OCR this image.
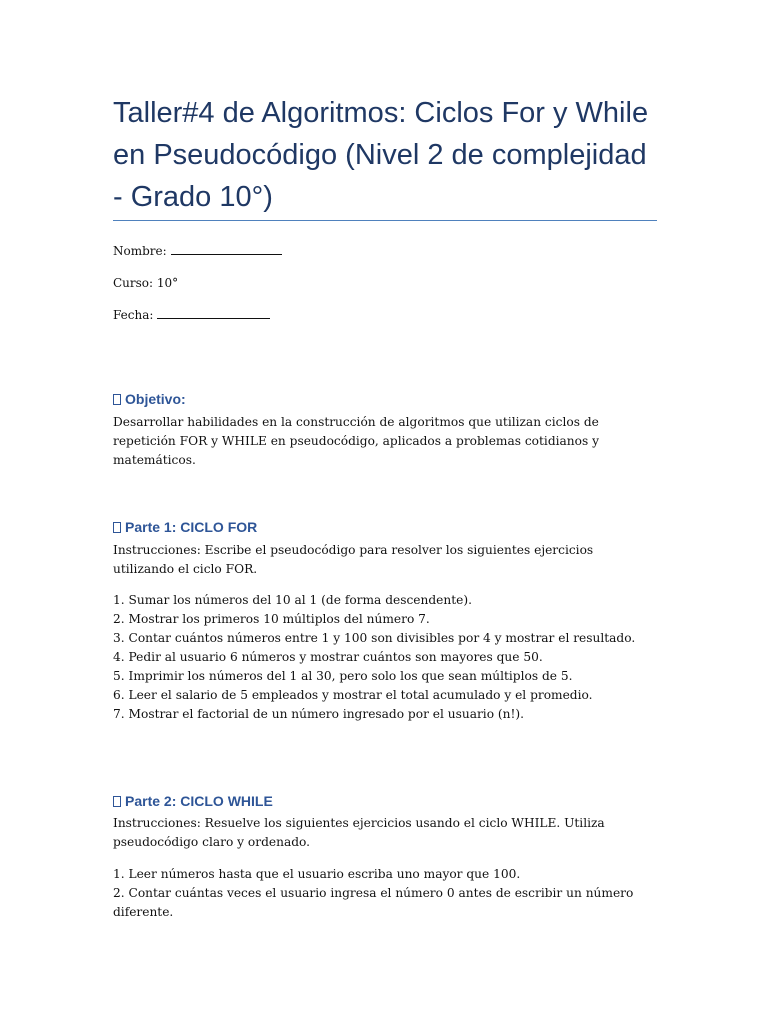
Taller#4 de Algoritmos: Ciclos For y While en Pseudocódigo (Nivel 2 de complejidad - Grado 10°)
Nombre:
Curso: 10°
Fecha:
Objetivo:

Desarrollar habilidades en la construcción de algoritmos que utilizan ciclos de repetición FOR y WHILE en pseudocódigo, aplicados a problemas cotidianos y matemáticos.

Parte 1: CICLO FOR

Instrucciones: Escribe el pseudocódigo para resolver los siguientes ejercicios utilizando el ciclo FOR.

1. Sumar los números del 10 al 1 (de forma descendente).
2. Mostrar los primeros 10 múltiplos del número 7.
3. Contar cuántos números entre 1 y 100 son divisibles por 4 y mostrar el resultado.
4. Pedir al usuario 6 números y mostrar cuántos son mayores que 50.
5. Imprimir los números del 1 al 30, pero solo los que sean múltiplos de 5.
6. Leer el salario de 5 empleados y mostrar el total acumulado y el promedio.
7. Mostrar el factorial de un número ingresado por el usuario (n!).
Parte 2: CICLO WHILE

Instrucciones: Resuelve los siguientes ejercicios usando el ciclo WHILE. Utiliza pseudocódigo claro y ordenado.

1. Leer números hasta que el usuario escriba uno mayor que 100.
2. Contar cuántas veces el usuario ingresa el número 0 antes de escribir un número diferente.
